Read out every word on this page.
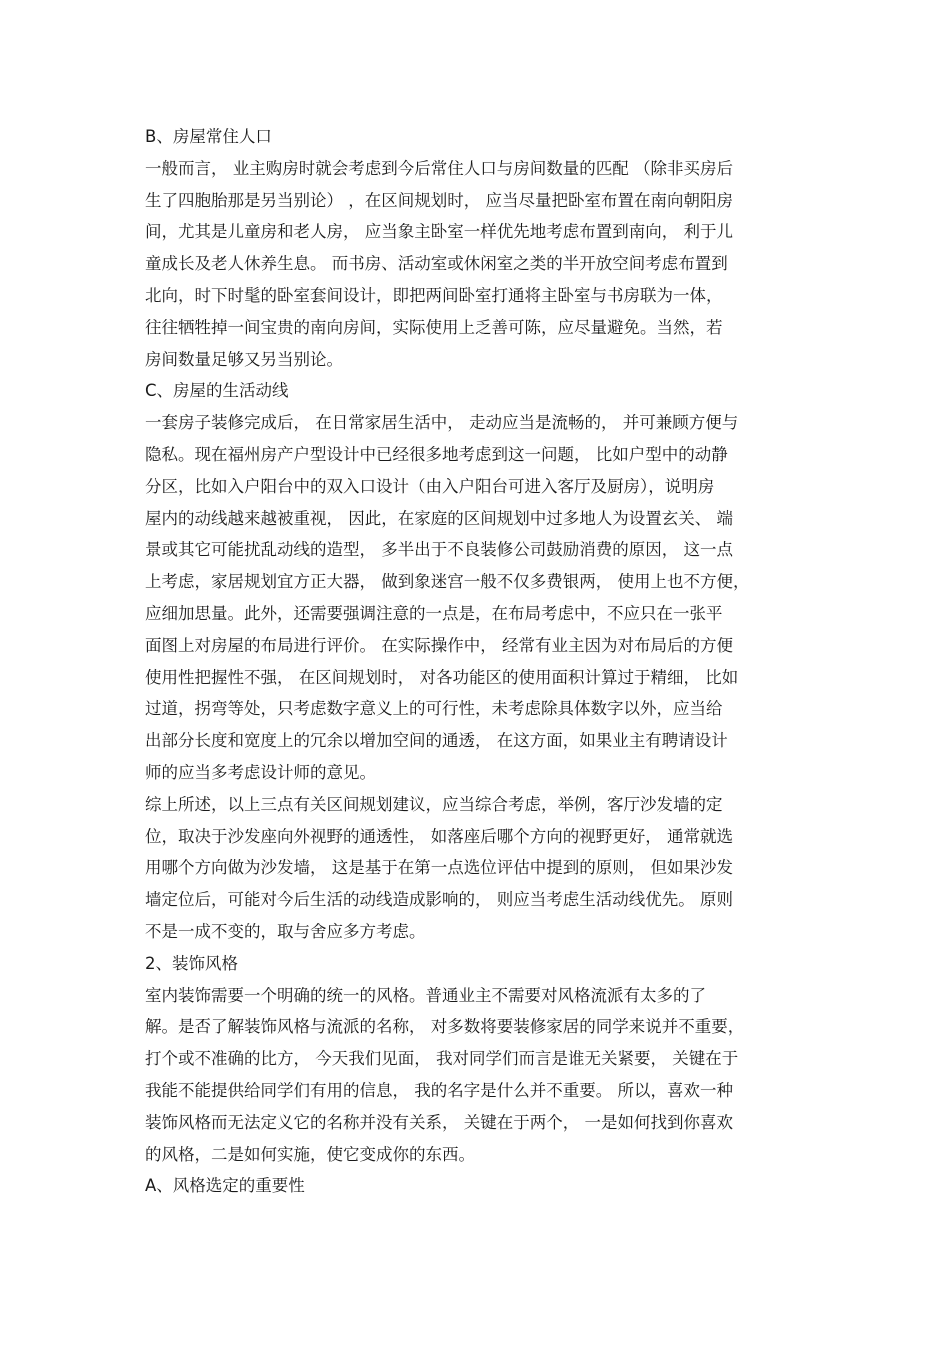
B、房屋常住人口
一般而言， 业主购房时就会考虑到今后常住人口与房间数量的匹配 （除非买房后
生了四胞胎那是另当别论） ，在区间规划时， 应当尽量把卧室布置在南向朝阳房
间，尤其是儿童房和老人房， 应当象主卧室一样优先地考虑布置到南向， 利于儿
童成长及老人休养生息。 而书房、活动室或休闲室之类的半开放空间考虑布置到
北向，时下时髦的卧室套间设计，即把两间卧室打通将主卧室与书房联为一体，
往往牺牲掉一间宝贵的南向房间，实际使用上乏善可陈，应尽量避免。当然，若
房间数量足够又另当别论。
C、房屋的生活动线
一套房子装修完成后， 在日常家居生活中， 走动应当是流畅的， 并可兼顾方便与
隐私。现在福州房产户型设计中已经很多地考虑到这一问题， 比如户型中的动静
分区，比如入户阳台中的双入口设计（由入户阳台可进入客厅及厨房），说明房
屋内的动线越来越被重视， 因此，在家庭的区间规划中过多地人为设置玄关、 端
景或其它可能扰乱动线的造型， 多半出于不良装修公司鼓励消费的原因， 这一点
上考虑，家居规划宜方正大器， 做到象迷宫一般不仅多费银两， 使用上也不方便，
应细加思量。此外，还需要强调注意的一点是，在布局考虑中，不应只在一张平
面图上对房屋的布局进行评价。 在实际操作中， 经常有业主因为对布局后的方便
使用性把握性不强， 在区间规划时， 对各功能区的使用面积计算过于精细， 比如
过道，拐弯等处，只考虑数字意义上的可行性，未考虑除具体数字以外，应当给
出部分长度和宽度上的冗余以增加空间的通透， 在这方面，如果业主有聘请设计
师的应当多考虑设计师的意见。
综上所述，以上三点有关区间规划建议，应当综合考虑，举例，客厅沙发墙的定
位，取决于沙发座向外视野的通透性， 如落座后哪个方向的视野更好， 通常就选
用哪个方向做为沙发墙， 这是基于在第一点选位评估中提到的原则， 但如果沙发
墙定位后，可能对今后生活的动线造成影响的， 则应当考虑生活动线优先。 原则
不是一成不变的，取与舍应多方考虑。
2、装饰风格
室内装饰需要一个明确的统一的风格。普通业主不需要对风格流派有太多的了
解。是否了解装饰风格与流派的名称， 对多数将要装修家居的同学来说并不重要，
打个或不准确的比方， 今天我们见面， 我对同学们而言是谁无关紧要， 关键在于
我能不能提供给同学们有用的信息， 我的名字是什么并不重要。 所以，喜欢一种
装饰风格而无法定义它的名称并没有关系， 关键在于两个， 一是如何找到你喜欢
的风格，二是如何实施，使它变成你的东西。
A、风格选定的重要性
